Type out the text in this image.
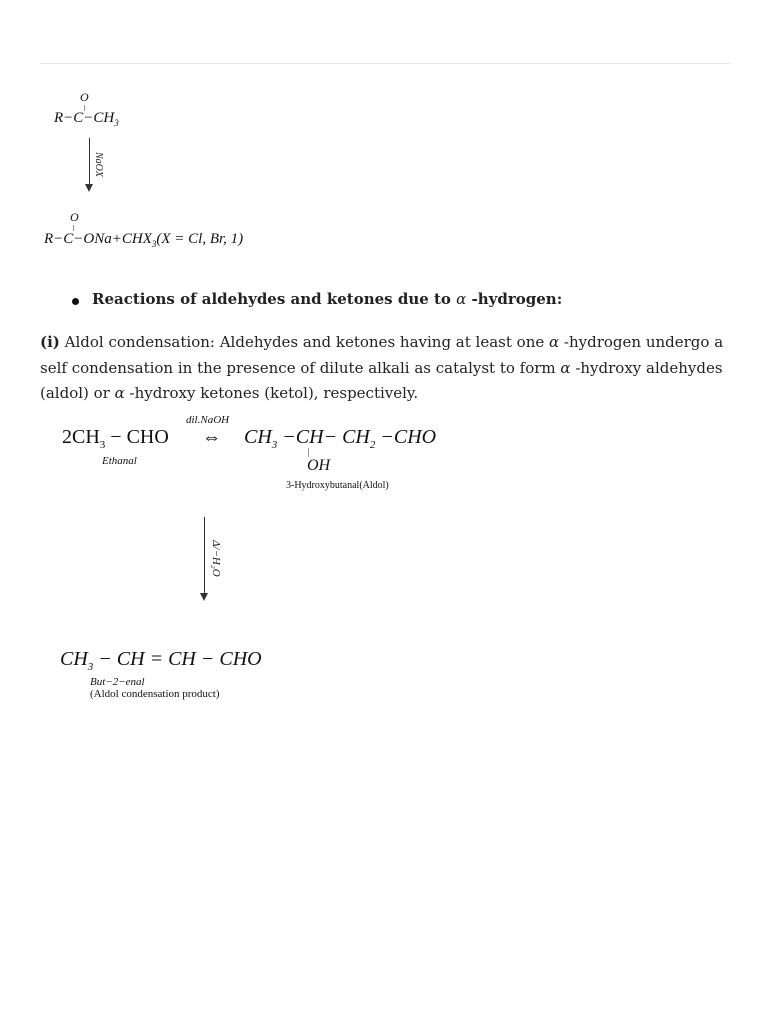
O
$R-C-CH_3$
NaOX
O
$R-C-ONa+CHX_3(X = Cl$, Br, 1)
Reactions of aldehydes and ketones due to α -hydrogen:
(i) Aldol condensation: Aldehydes and ketones having at least one α -hydrogen undergo a self condensation in the presence of dilute alkali as catalyst to form α -hydroxy aldehydes (aldol) or α -hydroxy ketones (ketol), respectively.
dil.NaOH
$2CH_3$ − CHO
Ethanal
⇔ $CH_3 -CH- CH_2 -CHO$
OH
3-Hydroxybutanal(Aldol)
Δ/−H₂O
$CH_3$ − CH = CH − CHO
But−2−enal
(Aldol condensation product)
